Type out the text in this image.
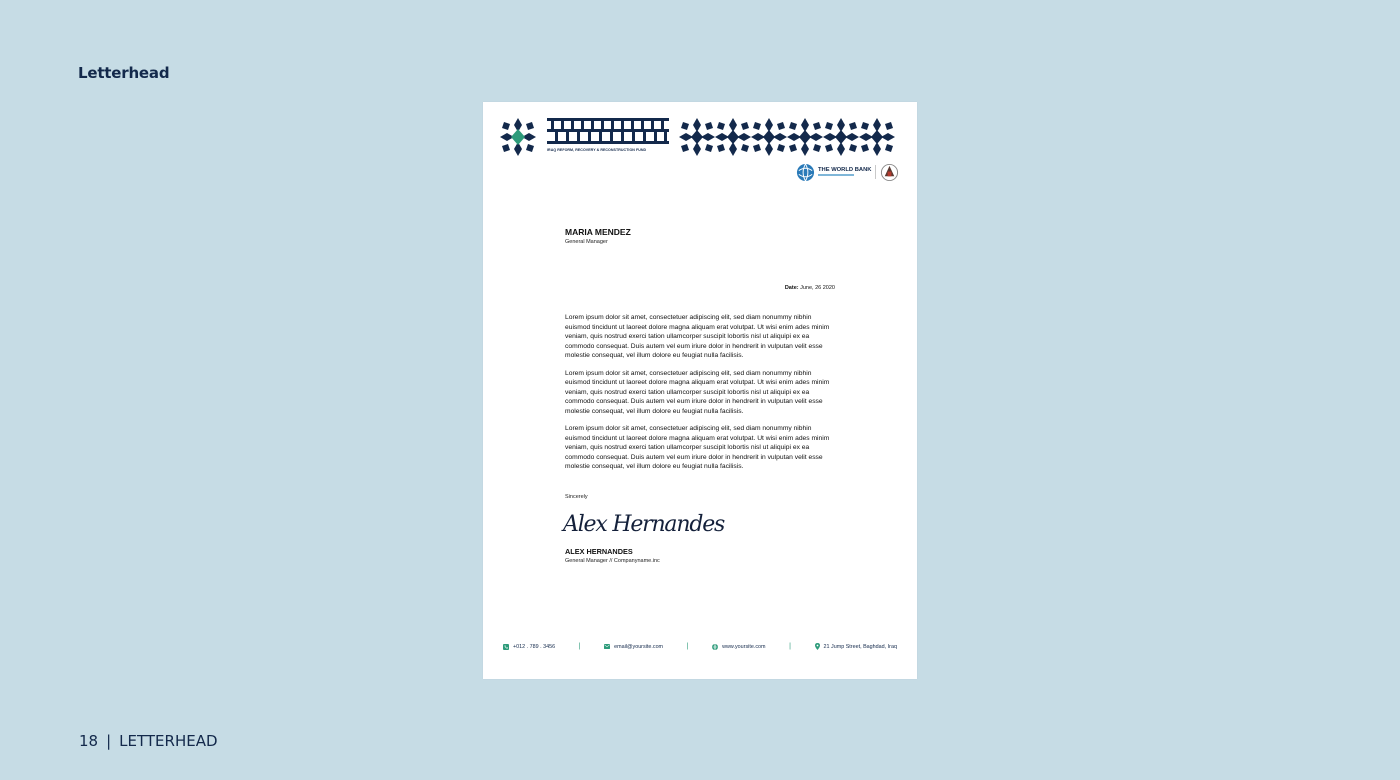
Letterhead
IRAQ REFORM, RECOVERY & RECONSTRUCTION FUND
THE WORLD BANK
MARIA MENDEZ
General Manager
Date: June, 26 2020

Lorem ipsum dolor sit amet, consectetuer adipiscing elit, sed diam nonummy nibhin euismod tincidunt ut laoreet dolore magna aliquam erat volutpat. Ut wisi enim ades minim veniam, quis nostrud exerci tation ullamcorper suscipit lobortis nisl ut aliquipi ex ea commodo consequat. Duis autem vel eum iriure dolor in hendrerit in vulputan velit esse molestie consequat, vel illum dolore eu feugiat nulla facilisis.

Lorem ipsum dolor sit amet, consectetuer adipiscing elit, sed diam nonummy nibhin euismod tincidunt ut laoreet dolore magna aliquam erat volutpat. Ut wisi enim ades minim veniam, quis nostrud exerci tation ullamcorper suscipit lobortis nisl ut aliquipi ex ea commodo consequat. Duis autem vel eum iriure dolor in hendrerit in vulputan velit esse molestie consequat, vel illum dolore eu feugiat nulla facilisis.

Lorem ipsum dolor sit amet, consectetuer adipiscing elit, sed diam nonummy nibhin euismod tincidunt ut laoreet dolore magna aliquam erat volutpat. Ut wisi enim ades minim veniam, quis nostrud exerci tation ullamcorper suscipit lobortis nisl ut aliquipi ex ea commodo consequat. Duis autem vel eum iriure dolor in hendrerit in vulputan velit esse molestie consequat, vel illum dolore eu feugiat nulla facilisis.

Sincerely
Alex Hernandes
ALEX HERNANDES
General Manager // Companyname.inc
+012 . 789 . 3456	|	email@yoursite.com	|	www.yoursite.com	|	21 Jump Street, Baghdad, Iraq
18 | LETTERHEAD
